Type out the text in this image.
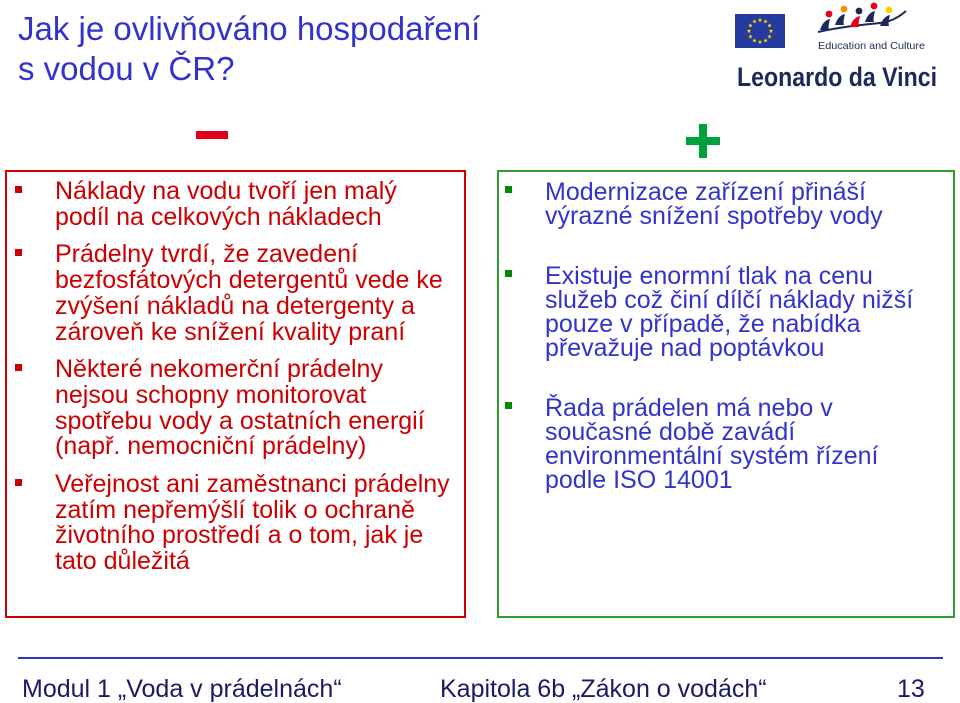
Jak je ovlivňováno hospodaření
s vodou v ČR?
Education and Culture
Leonardo da Vinci
Náklady na vodu tvoří jen malý
podíl na celkových nákladech
Prádelny tvrdí, že zavedení
bezfosfátových detergentů vede ke
zvýšení nákladů na detergenty a
zároveň ke snížení kvality praní
Některé nekomerční prádelny
nejsou schopny monitorovat
spotřebu vody a ostatních energií
(např. nemocniční prádelny)
Veřejnost ani zaměstnanci prádelny
zatím nepřemýšlí tolik o ochraně
životního prostředí a o tom, jak je
tato důležitá
Modernizace zařízení přináší
výrazné snížení spotřeby vody
Existuje enormní tlak na cenu
služeb což činí dílčí náklady nižší
pouze v případě, že nabídka
převažuje nad poptávkou
Řada prádelen má nebo v
současné době zavádí
environmentální systém řízení
podle ISO 14001
Modul 1 „Voda v prádelnách“	Kapitola 6b „Zákon o vodách“	13
